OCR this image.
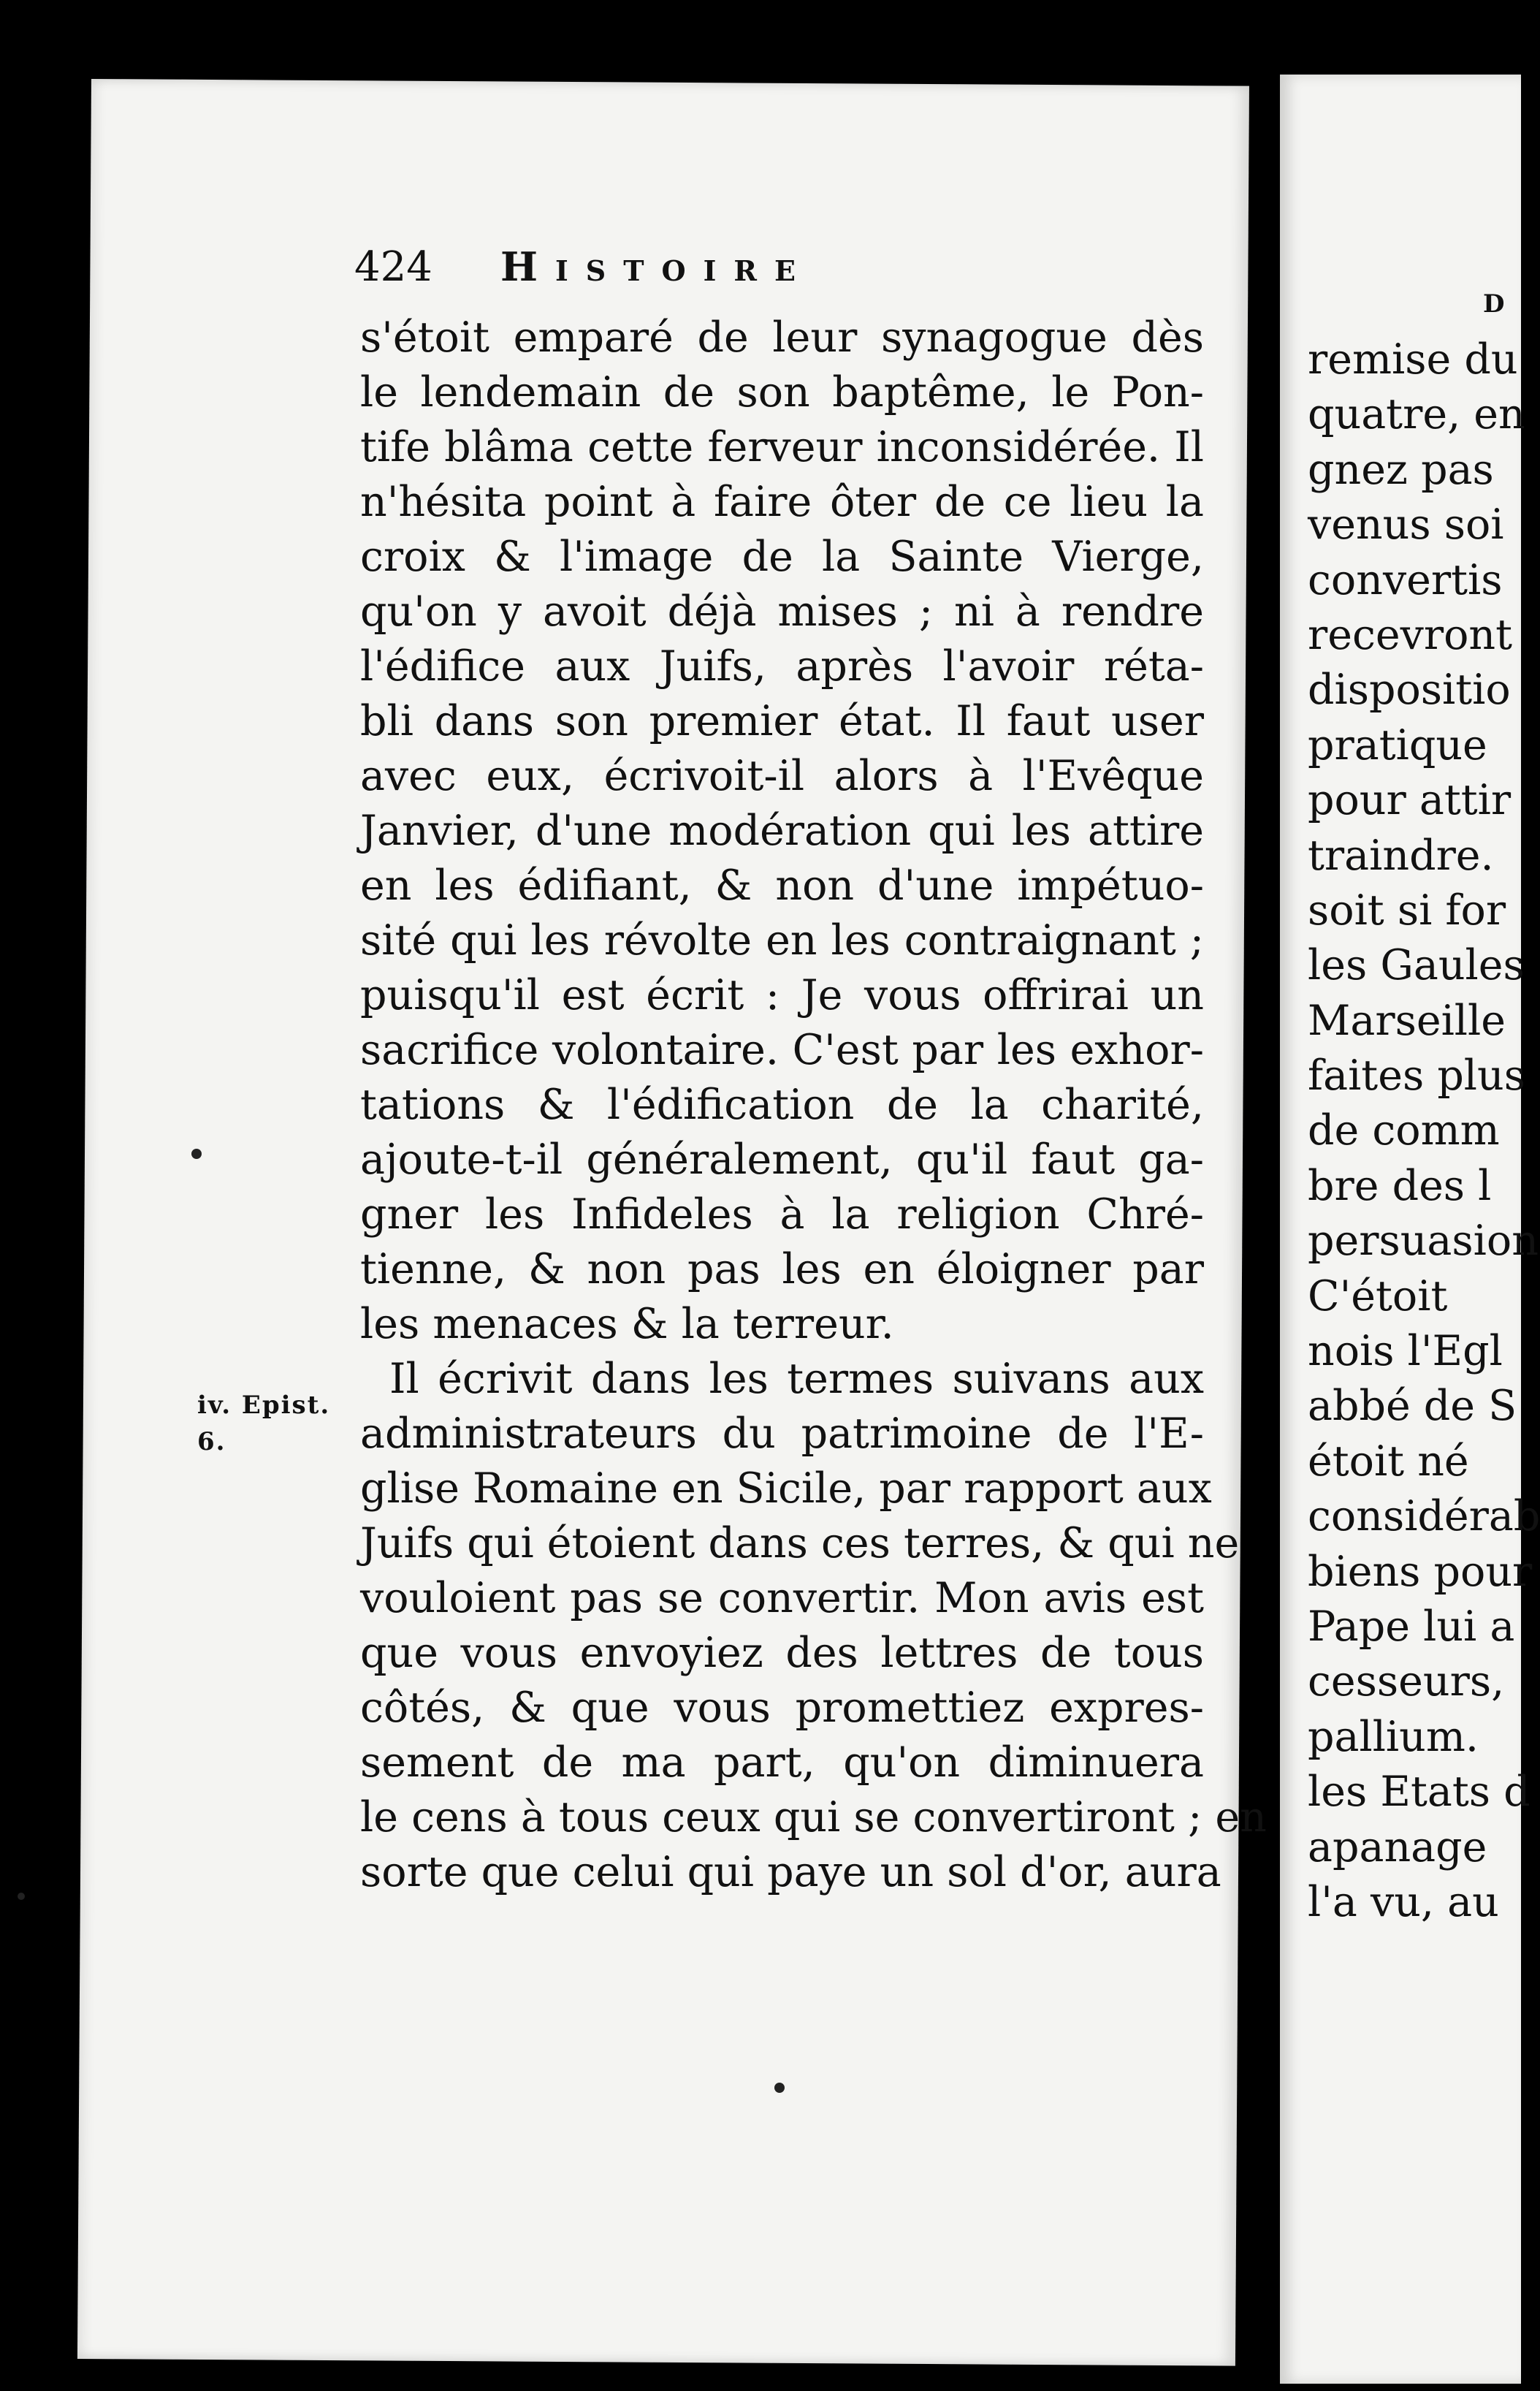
424	Histoire
iv. Epist.
6.
s'étoit emparé de leur synagogue dès
le lendemain de son baptême, le Pon-
tife blâma cette ferveur inconsidérée. Il
n'hésita point à faire ôter de ce lieu la
croix & l'image de la Sainte Vierge,
qu'on y avoit déjà mises ; ni à rendre
l'édifice aux Juifs, après l'avoir réta-
bli dans son premier état. Il faut user
avec eux, écrivoit-il alors à l'Evêque
Janvier, d'une modération qui les attire
en les édifiant, & non d'une impétuo-
sité qui les révolte en les contraignant ;
puisqu'il est écrit : Je vous offrirai un
sacrifice volontaire. C'est par les exhor-
tations & l'édification de la charité,
ajoute-t-il généralement, qu'il faut ga-
gner les Infideles à la religion Chré-
tienne, & non pas les en éloigner par
les menaces & la terreur.
Il écrivit dans les termes suivans aux
administrateurs du patrimoine de l'E-
glise Romaine en Sicile, par rapport aux
Juifs qui étoient dans ces terres, & qui ne
vouloient pas se convertir. Mon avis est
que vous envoyiez des lettres de tous
côtés, & que vous promettiez expres-
sement de ma part, qu'on diminuera
le cens à tous ceux qui se convertiront ; en
sorte que celui qui paye un sol d'or, aura
D
remise du
quatre, en
gnez pas
venus soi
convertis
recevront
dispositio
pratique
pour attir
traindre.
soit si for
les Gaules
Marseille
faites plus
de comm
bre des l
persuasion
C'étoit
nois l'Egl
abbé de S
étoit né
considérab
biens pour
Pape lui a
cesseurs,
pallium.
les Etats d
apanage
l'a vu, au
